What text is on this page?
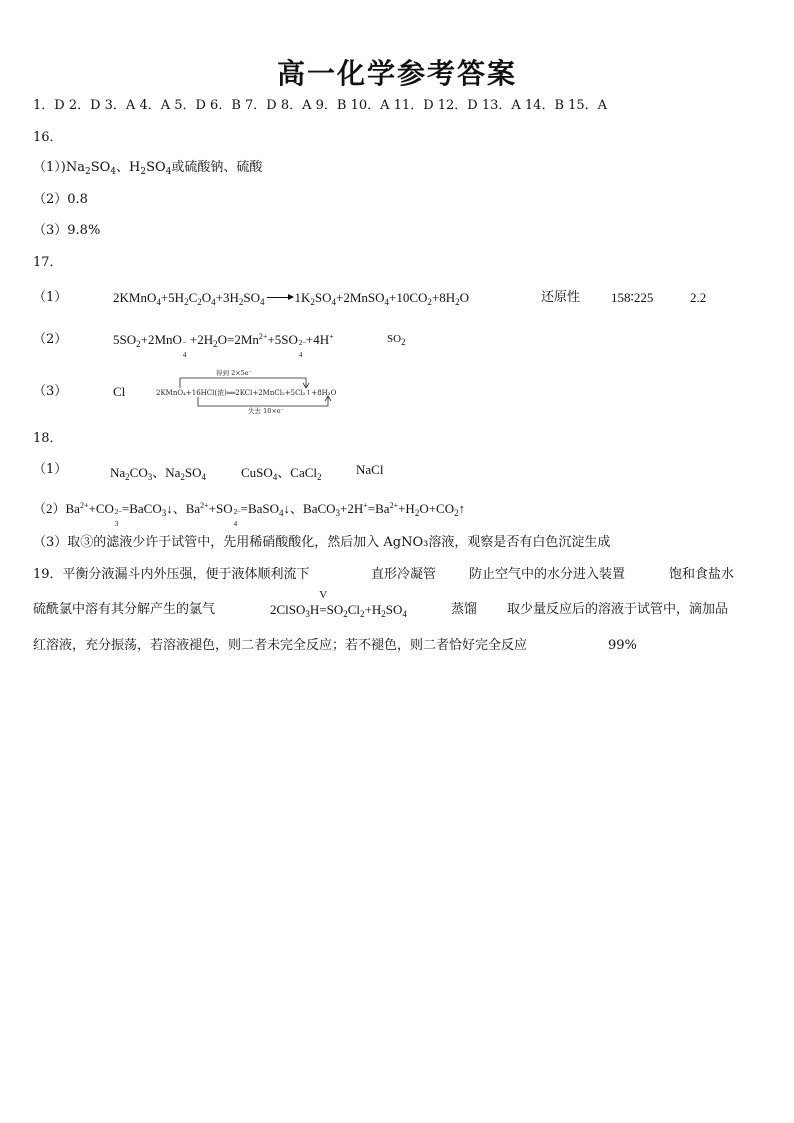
高一化学参考答案
1．D 2．D 3．A 4．A 5．D 6．B 7．D 8．A 9．B 10．A 11．D 12．D 13．A 14．B 15．A
16．
$(1))Na_2SO_4$、$H_2SO_4$或硫酸钠、硫酸
（2）0.8
（3）9.8%
17．
（1）	$2KMnO_4+5H_2C_2O_4+3H_2SO_4$ $1K_2SO_4+2MnSO_4+10CO_2+8H_2O$	还原性 158∶225	2.2
（2）	$5SO_2+2MnO$ −
4
$+2H_2O=2Mn^{2+}+5SO$ 2−
4
+4H+	$SO_2$
（3）	Cl
得到 2×5e⁻
2KMnO₄+16HCl(浓)══2KCl+2MnCl₂+5Cl₂↑+8H₂O
失去 10×e⁻
18．
（1）	$Na_2CO_3$、$Na_2SO_4$	CuSO$_4$、CaCl$_2$	NaCl
$(2)Ba^{2+}+CO$ 2−
3
=BaCO$_3$↓、$Ba^{2+}+SO$ 2−
4
=BaSO$_4$↓、$BaCO_3+2H^+=Ba^{2+}+H_2O+CO_2↑$
（3）取③的滤液少许于试管中，先用稀硝酸酸化，然后加入 AgNO₃溶液，观察是否有白色沉淀生成
19．平衡分液漏斗内外压强，便于液体顺利流下	直形冷凝管	防止空气中的水分进入装置	饱和食盐水
硫酰氯中溶有其分解产生的氯气	2ClSO$_3$H
V
$=SO_2Cl_2+H_2SO_4$	蒸馏 取少量反应后的溶液于试管中，滴加品
红溶液，充分振荡，若溶液褪色，则二者未完全反应；若不褪色，则二者恰好完全反应	99%
